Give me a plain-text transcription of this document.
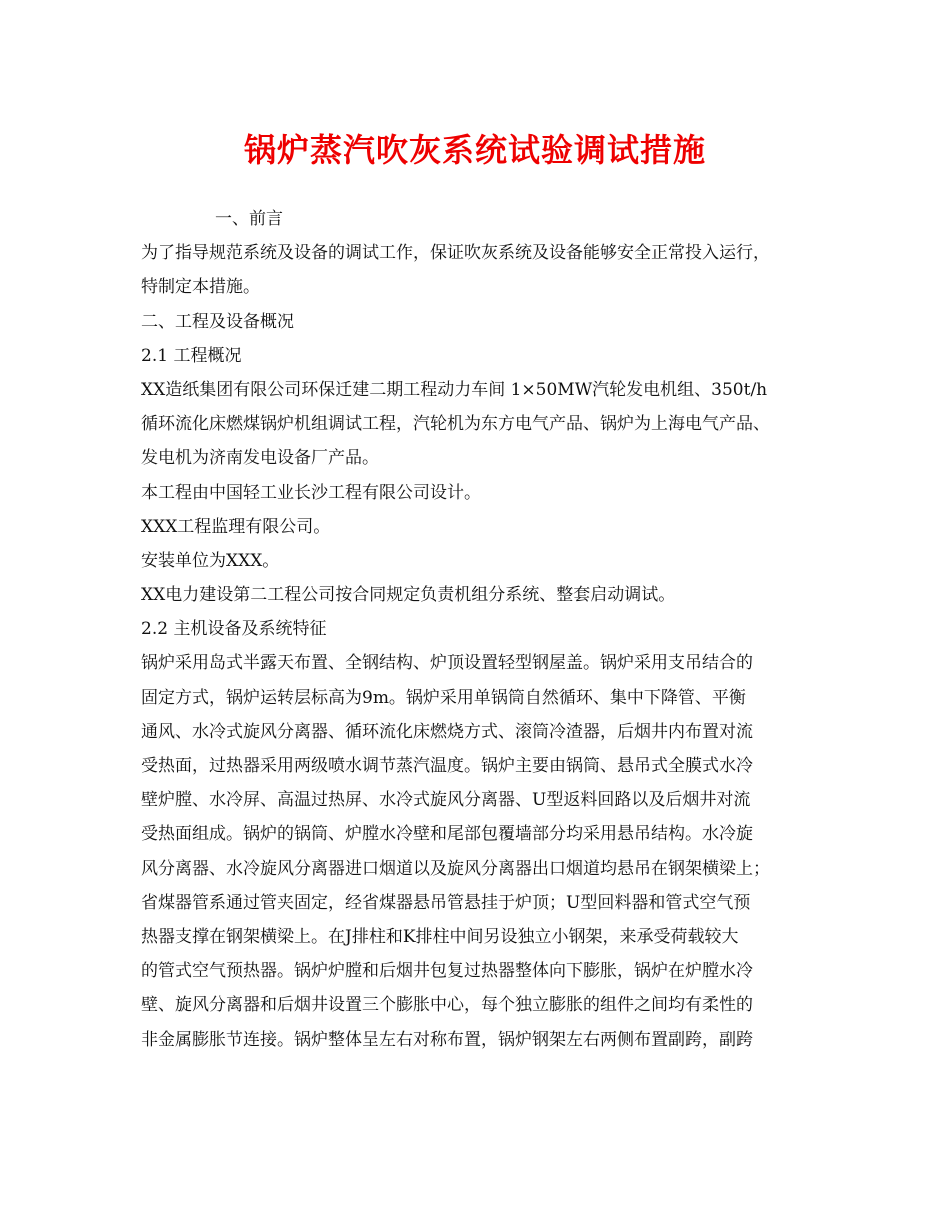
锅炉蒸汽吹灰系统试验调试措施
一、前言
为了指导规范系统及设备的调试工作，保证吹灰系统及设备能够安全正常投入运行，
特制定本措施。
二、工程及设备概况
2.1 工程概况
XX造纸集团有限公司环保迁建二期工程动力车间 1×50MW汽轮发电机组、350t/h
循环流化床燃煤锅炉机组调试工程，汽轮机为东方电气产品、锅炉为上海电气产品、
发电机为济南发电设备厂产品。
本工程由中国轻工业长沙工程有限公司设计。
XXX工程监理有限公司。
安装单位为XXX。
XX电力建设第二工程公司按合同规定负责机组分系统、整套启动调试。
2.2 主机设备及系统特征
锅炉采用岛式半露天布置、全钢结构、炉顶设置轻型钢屋盖。锅炉采用支吊结合的
固定方式，锅炉运转层标高为9m。锅炉采用单锅筒自然循环、集中下降管、平衡
通风、水冷式旋风分离器、循环流化床燃烧方式、滚筒冷渣器，后烟井内布置对流
受热面，过热器采用两级喷水调节蒸汽温度。锅炉主要由锅筒、悬吊式全膜式水冷
壁炉膛、水冷屏、高温过热屏、水冷式旋风分离器、U型返料回路以及后烟井对流
受热面组成。锅炉的锅筒、炉膛水冷壁和尾部包覆墙部分均采用悬吊结构。水冷旋
风分离器、水冷旋风分离器进口烟道以及旋风分离器出口烟道均悬吊在钢架横梁上；
省煤器管系通过管夹固定，经省煤器悬吊管悬挂于炉顶；U型回料器和管式空气预
热器支撑在钢架横梁上。在J排柱和K排柱中间另设独立小钢架，来承受荷载较大
的管式空气预热器。锅炉炉膛和后烟井包复过热器整体向下膨胀，锅炉在炉膛水冷
壁、旋风分离器和后烟井设置三个膨胀中心，每个独立膨胀的组件之间均有柔性的
非金属膨胀节连接。锅炉整体呈左右对称布置，锅炉钢架左右两侧布置副跨，副跨
